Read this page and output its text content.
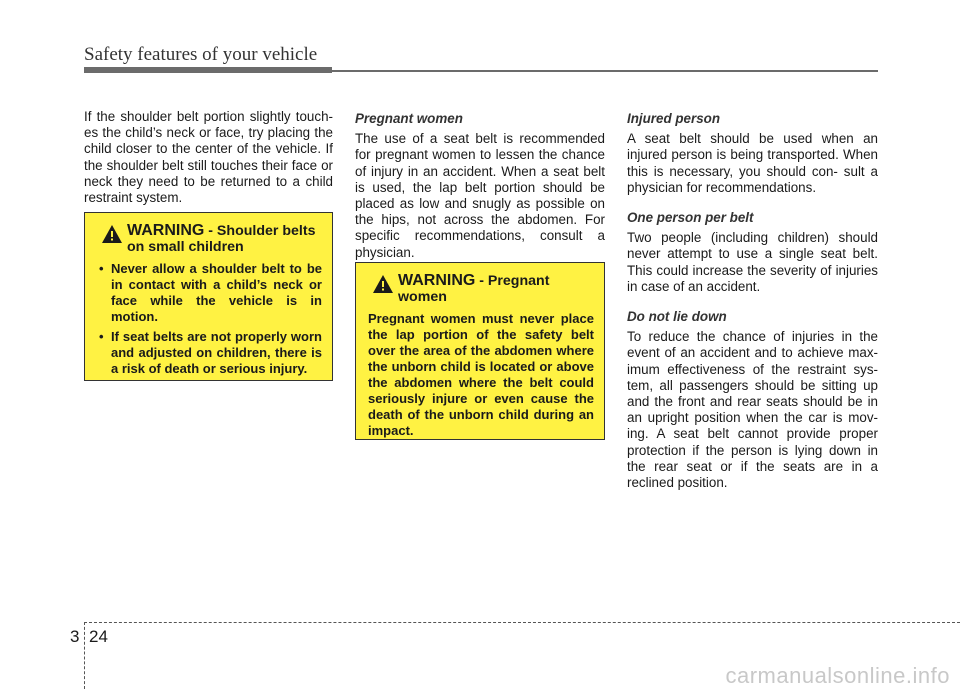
Safety features of your vehicle

If the shoulder belt portion slightly touch- es the child’s neck or face, try placing the child closer to the center of the vehicle. If the shoulder belt still touches their face or neck they need to be returned to a child restraint system.

WARNING - Shoulder belts on small children
• Never allow a shoulder belt to be in contact with a child’s neck or face while the vehicle is in motion.
• If seat belts are not properly worn and adjusted on children, there is a risk of death or serious injury.
Pregnant women

The use of a seat belt is recommended for pregnant women to lessen the chance of injury in an accident. When a seat belt is used, the lap belt portion should be placed as low and snugly as possible on the hips, not across the abdomen. For specific recommendations, consult a physician.

WARNING - Pregnant women
Pregnant women must never place the lap portion of the safety belt over the area of the abdomen where the unborn child is located or above the abdomen where the belt could seriously injure or even cause the death of the unborn child during an impact.
Injured person

A seat belt should be used when an injured person is being transported. When this is necessary, you should con- sult a physician for recommendations.

One person per belt

Two people (including children) should never attempt to use a single seat belt. This could increase the severity of injuries in case of an accident.

Do not lie down

To reduce the chance of injuries in the event of an accident and to achieve max- imum effectiveness of the restraint sys- tem, all passengers should be sitting up and the front and rear seats should be in an upright position when the car is mov- ing. A seat belt cannot provide proper protection if the person is lying down in the rear seat or if the seats are in a reclined position.

3 24
carmanualsonline.info
